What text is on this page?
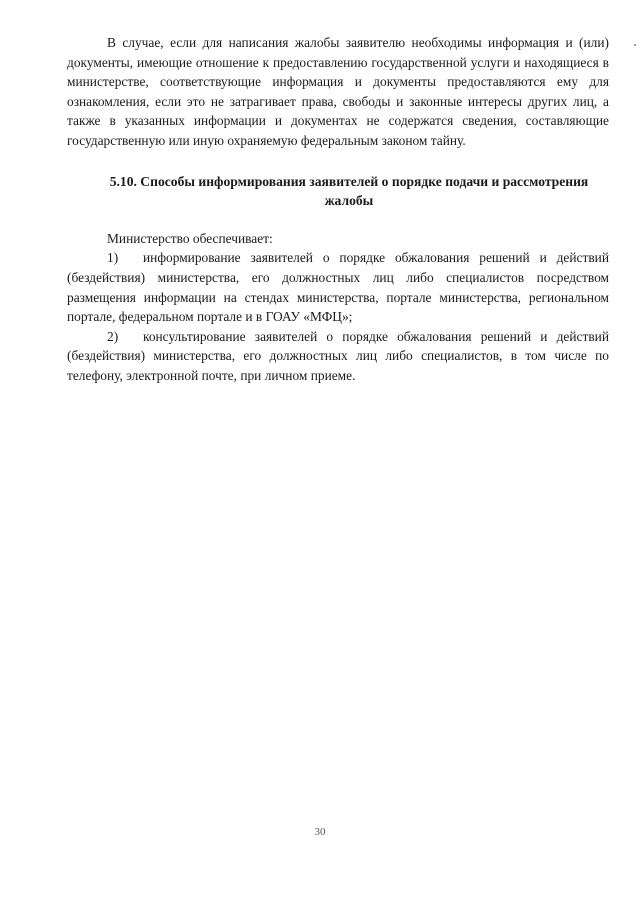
В случае, если для написания жалобы заявителю необходимы информация и (или) документы, имеющие отношение к предоставлению государственной услуги и находящиеся в министерстве, соответствующие информация и документы предоставляются ему для ознакомления, если это не затрагивает права, свободы и законные интересы других лиц, а также в указанных информации и документах не содержатся сведения, составляющие государственную или иную охраняемую федеральным законом тайну.

5.10. Способы информирования заявителей о порядке подачи и рассмотрения жалобы

Министерство обеспечивает:

1) информирование заявителей о порядке обжалования решений и действий (бездействия) министерства, его должностных лиц либо специалистов посредством размещения информации на стендах министерства, портале министерства, региональном портале, федеральном портале и в ГОАУ «МФЦ»;

2) консультирование заявителей о порядке обжалования решений и действий (бездействия) министерства, его должностных лиц либо специалистов, в том числе по телефону, электронной почте, при личном приеме.

30
